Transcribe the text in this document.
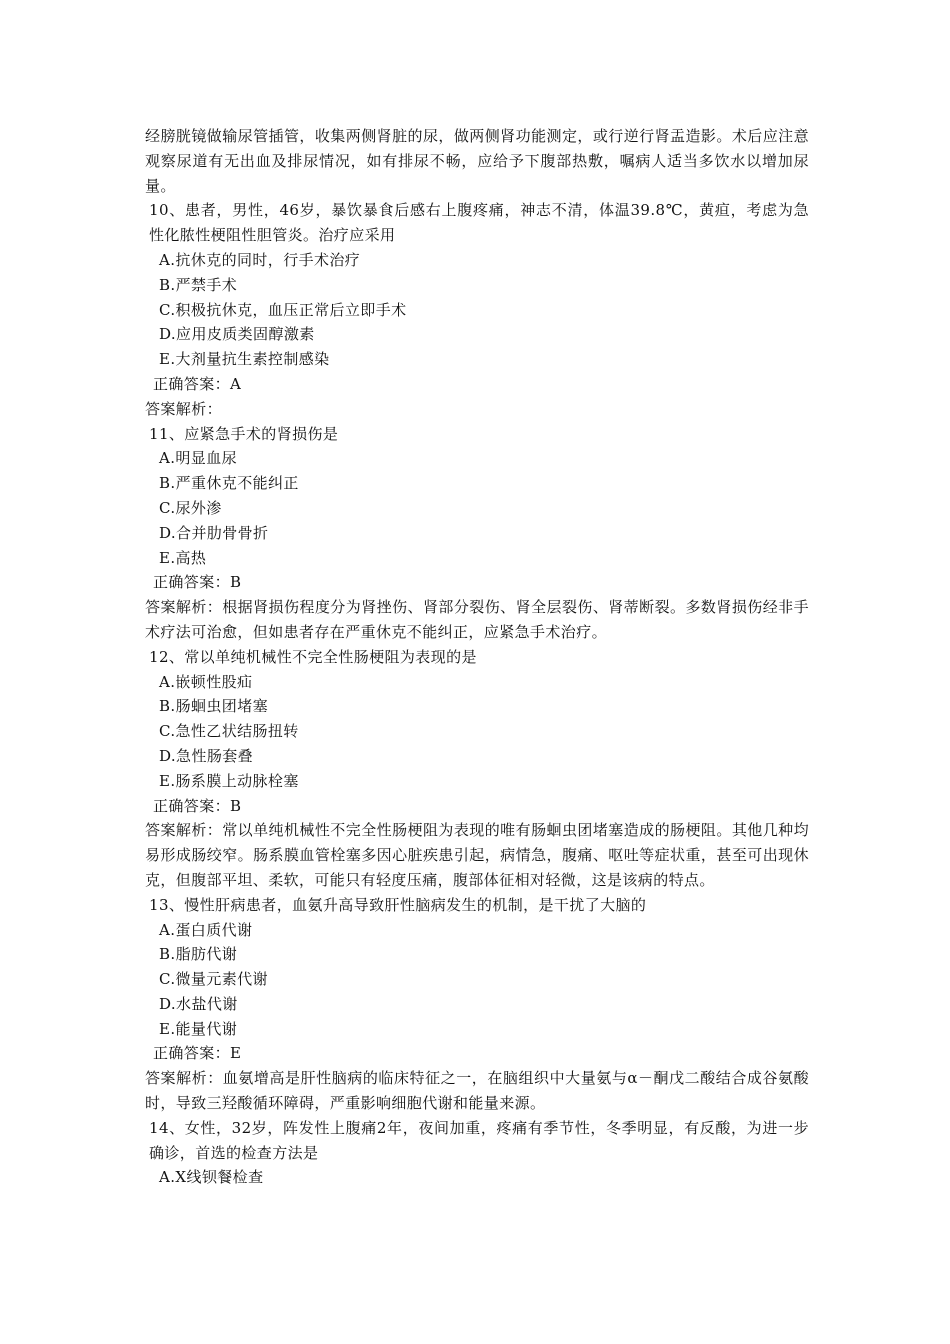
经膀胱镜做输尿管插管，收集两侧肾脏的尿，做两侧肾功能测定，或行逆行肾盂造影。术后应注意观察尿道有无出血及排尿情况，如有排尿不畅，应给予下腹部热敷，嘱病人适当多饮水以增加尿量。

10、患者，男性，46岁，暴饮暴食后感右上腹疼痛，神志不清，体温39.8℃，黄疸，考虑为急性化脓性梗阻性胆管炎。治疗应采用

A.抗休克的同时，行手术治疗

B.严禁手术

C.积极抗休克，血压正常后立即手术

D.应用皮质类固醇激素

E.大剂量抗生素控制感染

正确答案：A

答案解析：

11、应紧急手术的肾损伤是

A.明显血尿

B.严重休克不能纠正

C.尿外渗

D.合并肋骨骨折

E.高热

正确答案：B

答案解析：根据肾损伤程度分为肾挫伤、肾部分裂伤、肾全层裂伤、肾蒂断裂。多数肾损伤经非手术疗法可治愈，但如患者存在严重休克不能纠正，应紧急手术治疗。

12、常以单纯机械性不完全性肠梗阻为表现的是

A.嵌顿性股疝

B.肠蛔虫团堵塞

C.急性乙状结肠扭转

D.急性肠套叠

E.肠系膜上动脉栓塞

正确答案：B

答案解析：常以单纯机械性不完全性肠梗阻为表现的唯有肠蛔虫团堵塞造成的肠梗阻。其他几种均易形成肠绞窄。肠系膜血管栓塞多因心脏疾患引起，病情急，腹痛、呕吐等症状重，甚至可出现休克，但腹部平坦、柔软，可能只有轻度压痛，腹部体征相对轻微，这是该病的特点。

13、慢性肝病患者，血氨升高导致肝性脑病发生的机制，是干扰了大脑的

A.蛋白质代谢

B.脂肪代谢

C.微量元素代谢

D.水盐代谢

E.能量代谢

正确答案：E

答案解析：血氨增高是肝性脑病的临床特征之一，在脑组织中大量氨与α－酮戊二酸结合成谷氨酸时，导致三羟酸循环障碍，严重影响细胞代谢和能量来源。

14、女性，32岁，阵发性上腹痛2年，夜间加重，疼痛有季节性，冬季明显，有反酸，为进一步确诊，首选的检查方法是

A.X线钡餐检查
